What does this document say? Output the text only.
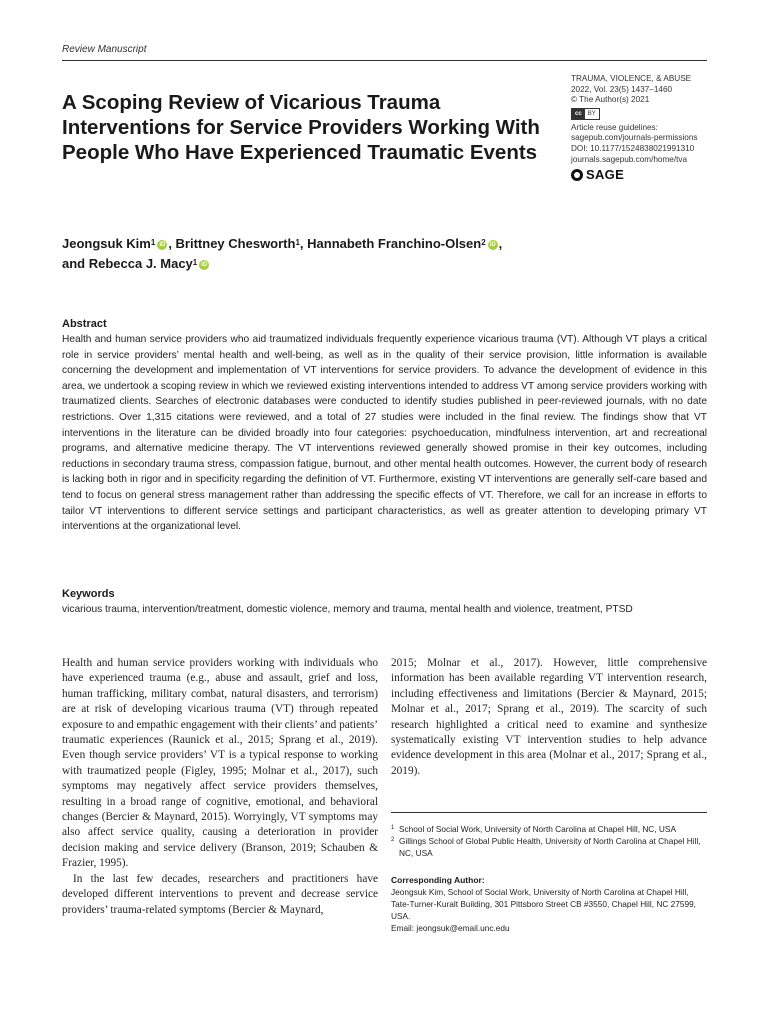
Review Manuscript
A Scoping Review of Vicarious Trauma Interventions for Service Providers Working With People Who Have Experienced Traumatic Events
TRAUMA, VIOLENCE, & ABUSE
2022, Vol. 23(5) 1437–1460
© The Author(s) 2021
cc	BY
Article reuse guidelines:
sagepub.com/journals-permissions
DOI: 10.1177/1524838021991310
journals.sagepub.com/home/tva
SAGE
Jeongsuk Kim$^1$ iD , Brittney Chesworth$^1$, Hannabeth Franchino-Olsen$^2$ iD ,
and Rebecca J. Macy$^1$ iD
Abstract

Health and human service providers who aid traumatized individuals frequently experience vicarious trauma (VT). Although VT plays a critical role in service providers’ mental health and well-being, as well as in the quality of their service provision, little information is available concerning the development and implementation of VT interventions for service providers. To advance the development of evidence in this area, we undertook a scoping review in which we reviewed existing interventions intended to address VT among service providers working with traumatized clients. Searches of electronic databases were conducted to identify studies published in peer-reviewed journals, with no date restrictions. Over 1,315 citations were reviewed, and a total of 27 studies were included in the final review. The findings show that VT interventions in the literature can be divided broadly into four categories: psychoeducation, mindfulness intervention, art and recreational programs, and alternative medicine therapy. The VT interventions reviewed generally showed promise in their key outcomes, including reductions in secondary trauma stress, compassion fatigue, burnout, and other mental health outcomes. However, the current body of research is lacking both in rigor and in specificity regarding the definition of VT. Furthermore, existing VT interventions are generally self-care based and tend to focus on general stress management rather than addressing the specific effects of VT. Therefore, we call for an increase in efforts to tailor VT interventions to different service settings and participant characteristics, as well as greater attention to developing primary VT interventions at the organizational level.

Keywords
vicarious trauma, intervention/treatment, domestic violence, memory and trauma, mental health and violence, treatment, PTSD

Health and human service providers working with individuals who have experienced trauma (e.g., abuse and assault, grief and loss, human trafficking, military combat, natural disasters, and terrorism) are at risk of developing vicarious trauma (VT) through repeated exposure to and empathic engagement with their clients’ and patients’ traumatic experiences (Raunick et al., 2015; Sprang et al., 2019). Even though service providers’ VT is a typical response to working with traumatized people (Figley, 1995; Molnar et al., 2017), such symptoms may negatively affect service providers themselves, resulting in a broad range of cognitive, emotional, and behavioral changes (Bercier & Maynard, 2015). Worryingly, VT symptoms may also affect service quality, causing a deterioration in provider decision making and service delivery (Branson, 2019; Schauben & Frazier, 1995).

In the last few decades, researchers and practitioners have developed different interventions to prevent and decrease service providers’ trauma-related symptoms (Bercier & Maynard,

2015; Molnar et al., 2017). However, little comprehensive information has been available regarding VT intervention research, including effectiveness and limitations (Bercier & Maynard, 2015; Molnar et al., 2017; Sprang et al., 2019). The scarcity of such research highlighted a critical need to examine and synthesize systematically existing VT intervention studies to help advance evidence development in this area (Molnar et al., 2017; Sprang et al., 2019).

1 School of Social Work, University of North Carolina at Chapel Hill, NC, USA
2 Gillings School of Global Public Health, University of North Carolina at Chapel Hill, NC, USA
Corresponding Author:
Jeongsuk Kim, School of Social Work, University of North Carolina at Chapel Hill, Tate-Turner-Kuralt Building, 301 Pittsboro Street CB #3550, Chapel Hill, NC 27599, USA.
Email: jeongsuk@email.unc.edu
